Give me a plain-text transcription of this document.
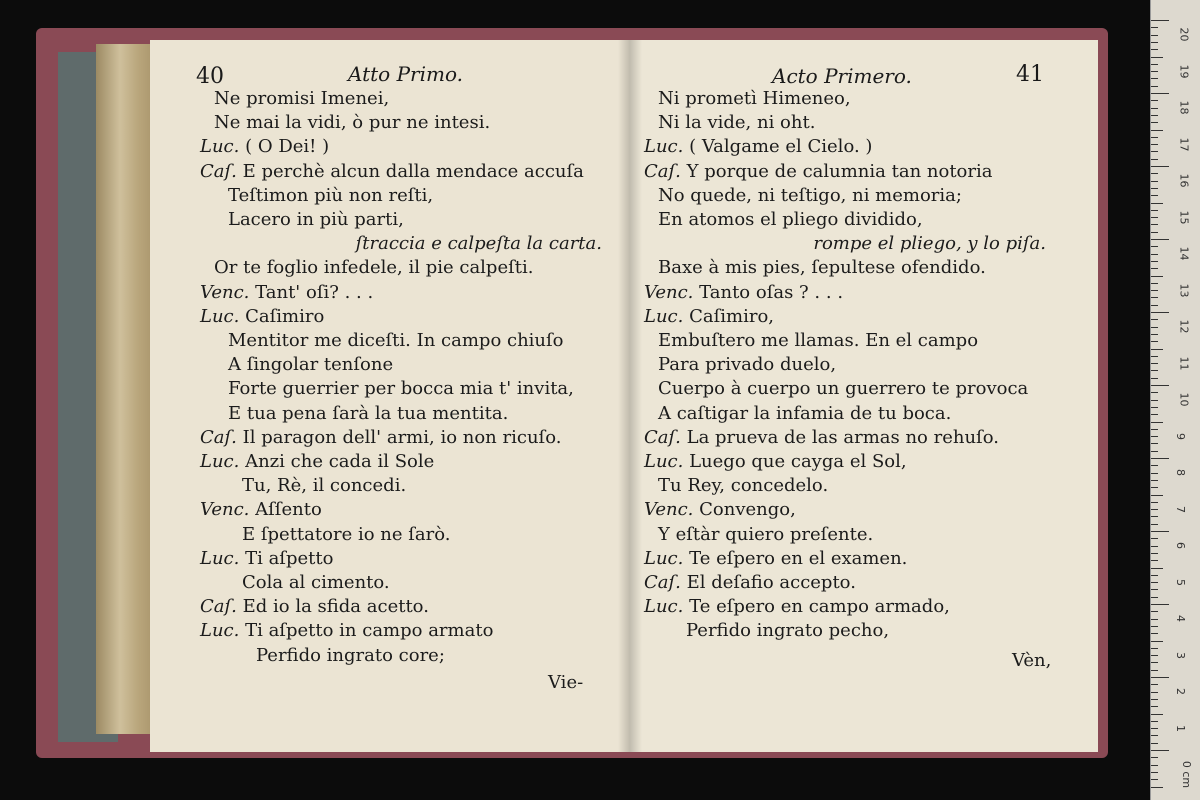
40	Atto Primo.	Acto Primero.	41
Ne promisi Imenei,
Ne mai la vidi, ò pur ne intesi.
Luc. ( O Dei! )
Caſ. E perchè alcun dalla mendace accuſa
Teſtimon più non reſti,
Lacero in più parti,
ſtraccia e calpeſta la carta.
Or te foglio infedele, il pie calpeſti.
Venc. Tant' oſi? . . .
Luc. Caſimiro
Mentitor me diceſti. In campo chiuſo
A ſingolar tenſone
Forte guerrier per bocca mia t' invita,
E tua pena ſarà la tua mentita.
Caſ. Il paragon dell' armi, io non ricuſo.
Luc. Anzi che cada il Sole
Tu, Rè, il concedi.
Venc. Aſſento
E ſpettatore io ne ſarò.
Luc. Ti aſpetto
Cola al cimento.
Caſ. Ed io la sfida acetto.
Luc. Ti aſpetto in campo armato
Perfido ingrato core;
Ni prometì Himeneo,
Ni la vide, ni oht.
Luc. ( Valgame el Cielo. )
Caſ. Y porque de calumnia tan notoria
No quede, ni teſtigo, ni memoria;
En atomos el pliego dividido,
rompe el pliego, y lo piſa.
Baxe à mis pies, ſepultese ofendido.
Venc. Tanto oſas ? . . .
Luc. Caſimiro,
Embuſtero me llamas. En el campo
Para privado duelo,
Cuerpo à cuerpo un guerrero te provoca
A caſtigar la infamia de tu boca.
Caſ. La prueva de las armas no rehuſo.
Luc. Luego que cayga el Sol,
Tu Rey, concedelo.
Venc. Convengo,
Y eſtàr quiero preſente.
Luc. Te eſpero en el examen.
Caſ. El deſafio accepto.
Luc. Te eſpero en campo armado,
Perfido ingrato pecho,
Vie-
Vèn,
20
19
18
17
16
15
14
13
12
11
10
9
8
7
6
5
4
3
2
1
0 cm
